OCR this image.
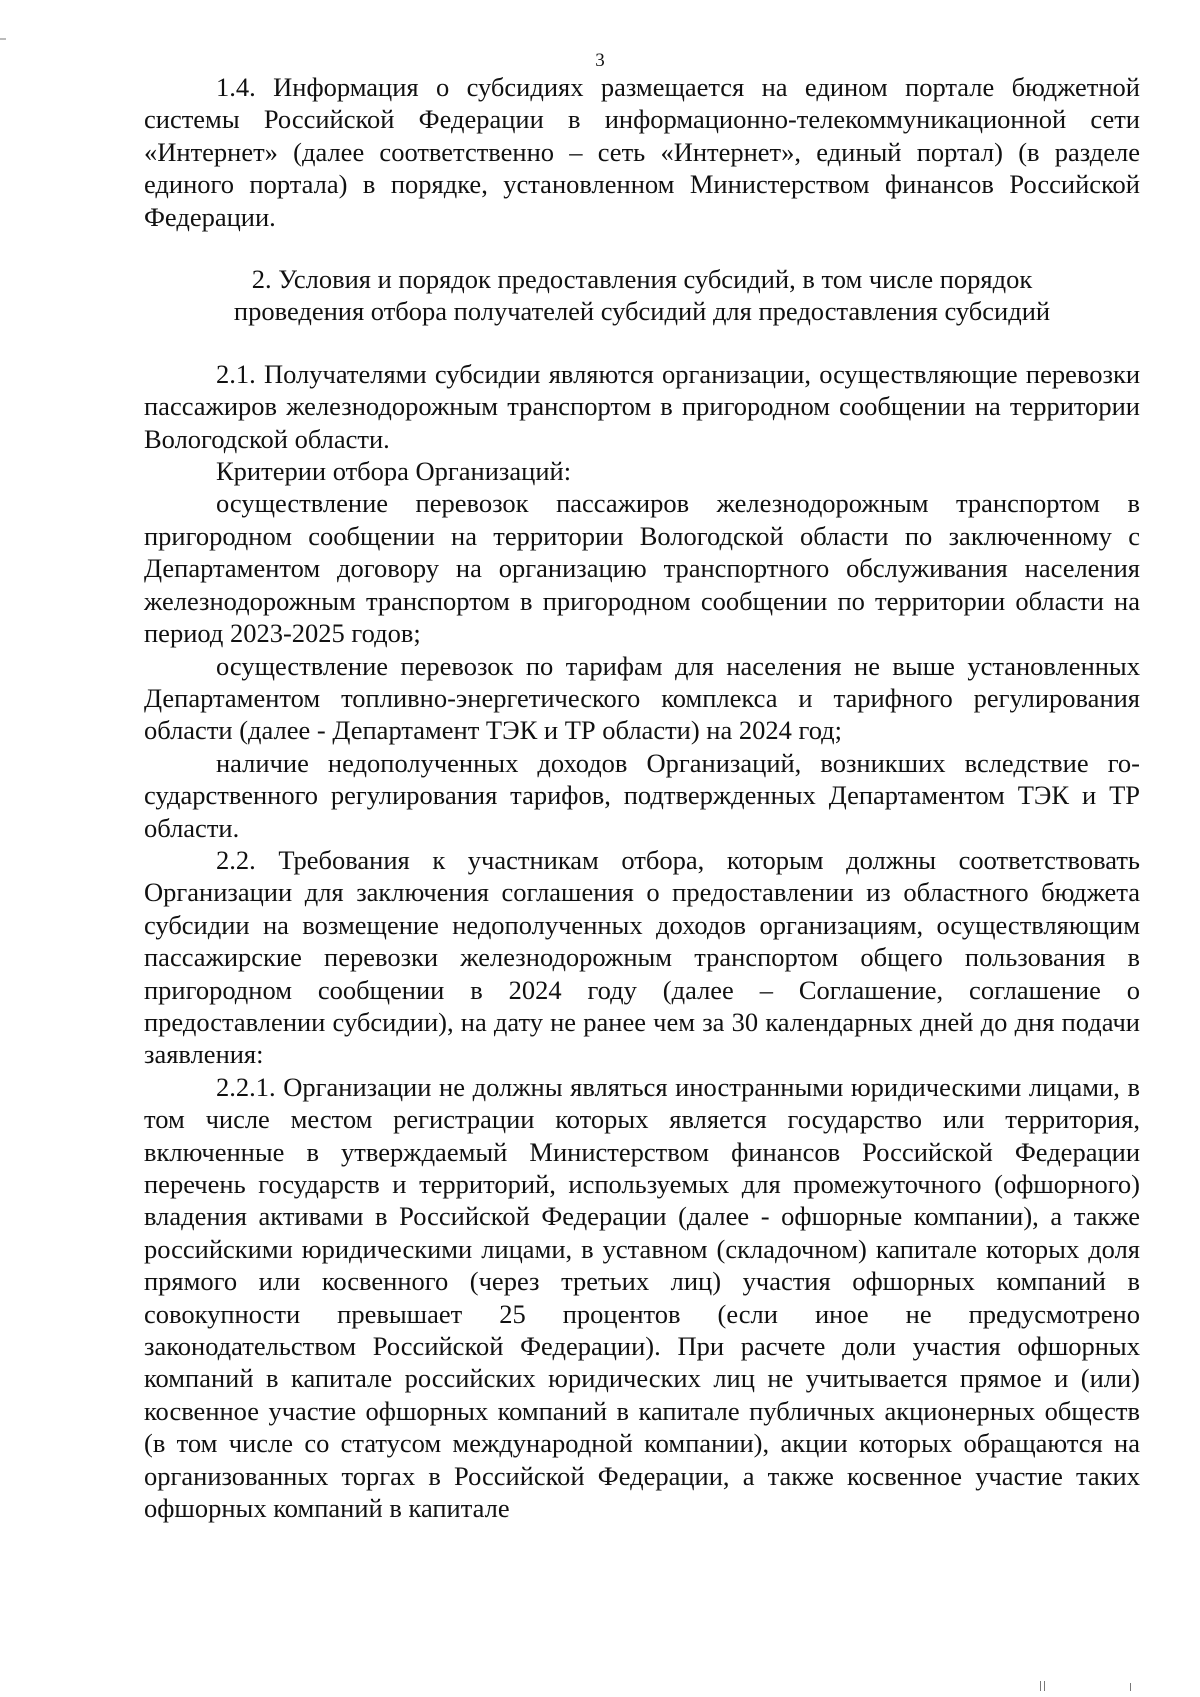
3

1.4. Информация о субсидиях размещается на едином портале бюджетной системы Российской Федерации в информационно-телекоммуникационной сети «Интернет» (далее соответственно – сеть «Интернет», единый портал) (в разделе единого портала) в порядке, установленном Министерством финансов Российской Федерации.

2. Условия и порядок предоставления субсидий, в том числе порядок
проведения отбора получателей субсидий для предоставления субсидий

2.1. Получателями субсидии являются организации, осуществляющие перевозки пассажиров железнодорожным транспортом в пригородном сообщении на территории Вологодской области.

Критерии отбора Организаций:

осуществление перевозок пассажиров железнодорожным транспортом в пригородном сообщении на территории Вологодской области по заключенному с Департаментом договору на организацию транспортного обслуживания населения железнодорожным транспортом в пригородном сообщении по территории области на период 2023-2025 годов;

осуществление перевозок по тарифам для населения не выше установленных Департаментом топливно-энергетического комплекса и тарифного регулирования области (далее - Департамент ТЭК и ТР области) на 2024 год;

наличие недополученных доходов Организаций, возникших вследствие государственного регулирования тарифов, подтвержденных Департаментом ТЭК и ТР области.

2.2. Требования к участникам отбора, которым должны соответствовать Организации для заключения соглашения о предоставлении из областного бюджета субсидии на возмещение недополученных доходов организациям, осуществляющим пассажирские перевозки железнодорожным транспортом общего пользования в пригородном сообщении в 2024 году (далее – Соглашение, соглашение о предоставлении субсидии), на дату не ранее чем за 30 календарных дней до дня подачи заявления:

2.2.1. Организации не должны являться иностранными юридическими лицами, в том числе местом регистрации которых является государство или территория, включенные в утверждаемый Министерством финансов Российской Федерации перечень государств и территорий, используемых для промежуточного (офшорного) владения активами в Российской Федерации (далее - офшорные компании), а также российскими юридическими лицами, в уставном (складочном) капитале которых доля прямого или косвенного (через третьих лиц) участия офшорных компаний в совокупности превышает 25 процентов (если иное не предусмотрено законодательством Российской Федерации). При расчете доли участия офшорных компаний в капитале российских юридических лиц не учитывается прямое и (или) косвенное участие офшорных компаний в капитале публичных акционерных обществ (в том числе со статусом международной компании), акции которых обращаются на организованных торгах в Российской Федерации, а также косвенное участие таких офшорных компаний в капитале
